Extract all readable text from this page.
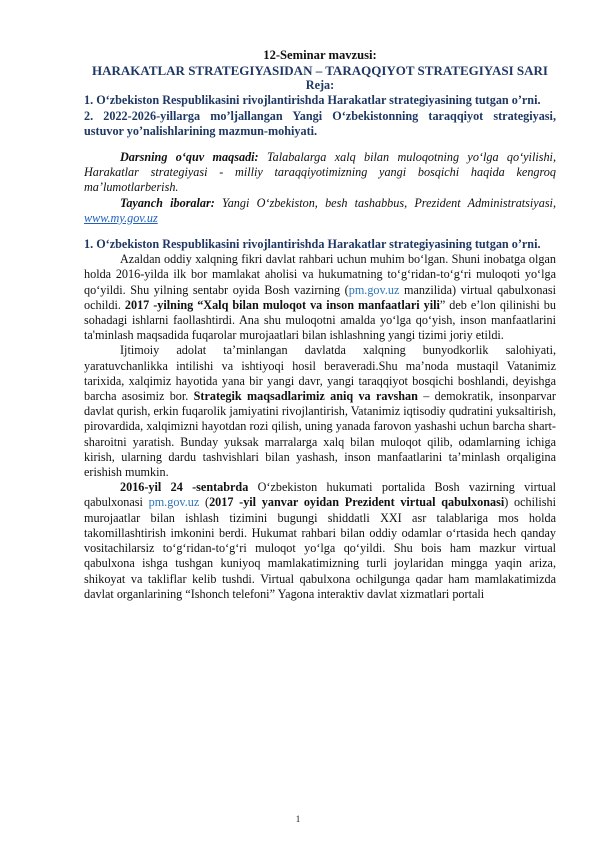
12-Seminar mavzusi:
HARAKATLAR STRATEGIYASIDAN – TARAQQIYOT STRATEGIYASI SARI
Reja:
1. O‘zbekiston Respublikasini rivojlantirishda Harakatlar strategiyasining tutgan o’rni.
2. 2022-2026-yillarga mo’ljallangan Yangi O‘zbekistonning taraqqiyot strategiyasi, ustuvor yo’nalishlarining mazmun-mohiyati.
Darsning o‘quv maqsadi: Talabalarga xalq bilan muloqotning yo‘lga qo‘yilishi, Harakatlar strategiyasi - milliy taraqqiyotimizning yangi bosqichi haqida kengroq ma’lumotlarberish.
Tayanch iboralar: Yangi O‘zbekiston, besh tashabbus, Prezident Administratsiyasi, www.my.gov.uz
1. O‘zbekiston Respublikasini rivojlantirishda Harakatlar strategiyasining tutgan o’rni.
Azaldan oddiy xalqning fikri davlat rahbari uchun muhim bo‘lgan. Shuni inobatga olgan holda 2016-yilda ilk bor mamlakat aholisi va hukumatning to‘g‘ridan-to‘g‘ri muloqoti yo‘lga qo‘yildi. Shu yilning sentabr oyida Bosh vazirning (pm.gov.uz manzilida) virtual qabulxonasi ochildi. 2017 -yilning “Xalq bilan muloqot va inson manfaatlari yili” deb e’lon qilinishi bu sohadagi ishlarni faollashtirdi. Ana shu muloqotni amalda yo‘lga qo‘yish, inson manfaatlarini ta'minlash maqsadida fuqarolar murojaatlari bilan ishlashning yangi tizimi joriy etildi.
Ijtimoiy adolat ta’minlangan davlatda xalqning bunyodkorlik salohiyati, yaratuvchanlikka intilishi va ishtiyoqi hosil beraveradi.Shu ma’noda mustaqil Vatanimiz tarixida, xalqimiz hayotida yana bir yangi davr, yangi taraqqiyot bosqichi boshlandi, deyishga barcha asosimiz bor. Strategik maqsadlarimiz aniq va ravshan – demokratik, insonparvar davlat qurish, erkin fuqarolik jamiyatini rivojlantirish, Vatanimiz iqtisodiy qudratini yuksaltirish, pirovardida, xalqimizni hayotdan rozi qilish, uning yanada farovon yashashi uchun barcha shart-sharoitni yaratish. Bunday yuksak marralarga xalq bilan muloqot qilib, odamlarning ichiga kirish, ularning dardu tashvishlari bilan yashash, inson manfaatlarini ta’minlash orqaligina erishish mumkin.
2016-yil 24 -sentabrda O‘zbekiston hukumati portalida Bosh vazirning virtual qabulxonasi pm.gov.uz (2017 -yil yanvar oyidan Prezident virtual qabulxonasi) ochilishi murojaatlar bilan ishlash tizimini bugungi shiddatli XXI asr talablariga mos holda takomillashtirish imkonini berdi. Hukumat rahbari bilan oddiy odamlar o‘rtasida hech qanday vositachilarsiz to‘g‘ridan-to‘g‘ri muloqot yo‘lga qo‘yildi. Shu bois ham mazkur virtual qabulxona ishga tushgan kuniyoq mamlakatimizning turli joylaridan mingga yaqin ariza, shikoyat va takliflar kelib tushdi. Virtual qabulxona ochilgunga qadar ham mamlakatimizda davlat organlarining “Ishonch telefoni” Yagona interaktiv davlat xizmatlari portali
1
